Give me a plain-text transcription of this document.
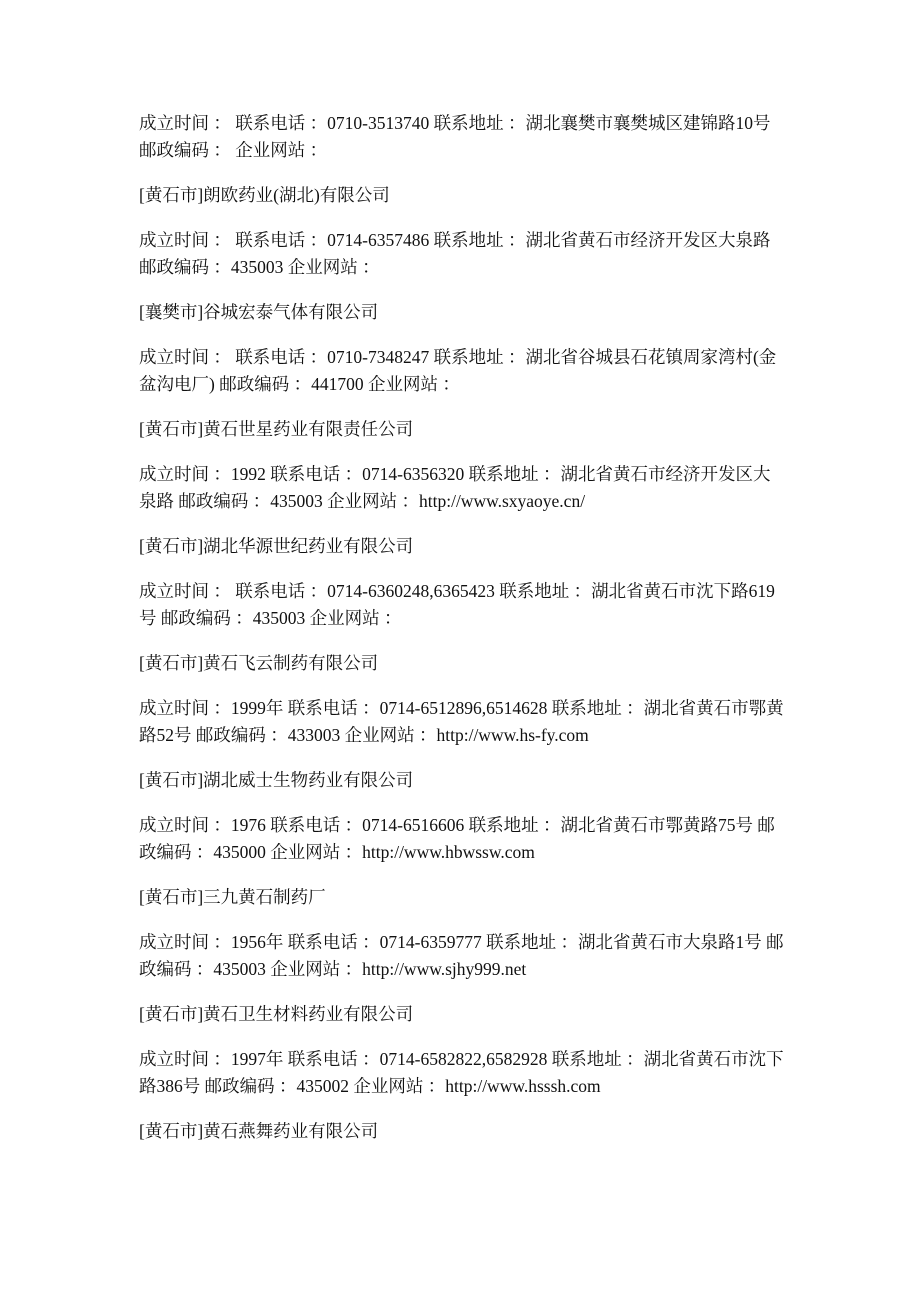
成立时间 ： 联系电话 ：0710-3513740 联系地址 ：湖北襄樊市襄樊城区建锦路10号 邮政编码 ： 企业网站 ：

[黄石市]朗欧药业(湖北)有限公司

成立时间 ： 联系电话 ：0714-6357486 联系地址 ：湖北省黄石市经济开发区大泉路 邮政编码 ：435003 企业网站 ：

[襄樊市]谷城宏泰气体有限公司

成立时间 ： 联系电话 ：0710-7348247 联系地址 ：湖北省谷城县石花镇周家湾村(金盆沟电厂) 邮政编码 ：441700 企业网站 ：

[黄石市]黄石世星药业有限责任公司

成立时间 ：1992 联系电话 ：0714-6356320 联系地址 ：湖北省黄石市经济开发区大泉路 邮政编码 ：435003 企业网站 ：http://www.sxyaoye.cn/

[黄石市]湖北华源世纪药业有限公司

成立时间 ： 联系电话 ：0714-6360248,6365423 联系地址 ：湖北省黄石市沈下路619号 邮政编码 ：435003 企业网站 ：

[黄石市]黄石飞云制药有限公司

成立时间 ：1999年 联系电话 ：0714-6512896,6514628 联系地址 ：湖北省黄石市鄂黄路52号 邮政编码 ：433003 企业网站 ：http://www.hs-fy.com

[黄石市]湖北威士生物药业有限公司

成立时间 ：1976 联系电话 ：0714-6516606 联系地址 ：湖北省黄石市鄂黄路75号 邮政编码 ：435000 企业网站 ：http://www.hbwssw.com

[黄石市]三九黄石制药厂

成立时间 ：1956年 联系电话 ：0714-6359777 联系地址 ：湖北省黄石市大泉路1号 邮政编码 ：435003 企业网站 ：http://www.sjhy999.net

[黄石市]黄石卫生材料药业有限公司

成立时间 ：1997年 联系电话 ：0714-6582822,6582928 联系地址 ：湖北省黄石市沈下路386号 邮政编码 ：435002 企业网站 ：http://www.hsssh.com

[黄石市]黄石燕舞药业有限公司
